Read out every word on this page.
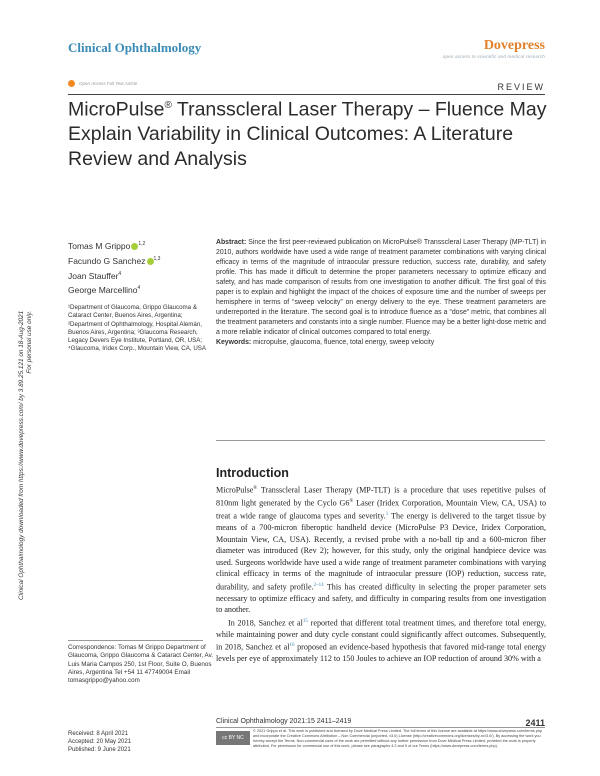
Clinical Ophthalmology	Dovepress
open access to scientific and medical research
Open Access Full Text Article	REVIEW
MicroPulse® Transscleral Laser Therapy – Fluence May Explain Variability in Clinical Outcomes: A Literature Review and Analysis
Clinical Ophthalmology downloaded from https://www.dovepress.com/ by 3.89.25.121 on 18-Aug-2021 For personal use only.
Tomas M Grippo $^{1,2}$
Facundo G Sanchez $^{1,3}$
Joan Stauffer$^4$
George Marcellino$^4$
¹Department of Glaucoma, Grippo Glaucoma & Cataract Center, Buenos Aires, Argentina; ²Department of Ophthalmology, Hospital Alemán, Buenos Aires, Argentina; ³Glaucoma Research, Legacy Devers Eye Institute, Portland, OR, USA; ⁴Glaucoma, Iridex Corp., Mountain View, CA, USA

Abstract: Since the first peer-reviewed publication on MicroPulse® Transscleral Laser Therapy (MP-TLT) in 2010, authors worldwide have used a wide range of treatment parameter combinations with varying clinical efficacy in terms of the magnitude of intraocular pressure reduction, success rate, durability, and safety profile. This has made it difficult to determine the proper parameters necessary to optimize efficacy and safety, and has made comparison of results from one investigation to another difficult. The first goal of this paper is to explain and highlight the impact of the choices of exposure time and the number of sweeps per hemisphere in terms of “sweep velocity” on energy delivery to the eye. These treatment parameters are underreported in the literature. The second goal is to introduce fluence as a “dose” metric, that combines all the treatment parameters and constants into a single number. Fluence may be a better light-dose metric and a more reliable indicator of clinical outcomes compared to total energy.

Keywords: micropulse, glaucoma, fluence, total energy, sweep velocity

Introduction

MicroPulse® Transscleral Laser Therapy (MP-TLT) is a procedure that uses repetitive pulses of 810nm light generated by the Cyclo G6® Laser (Iridex Corporation, Mountain View, CA, USA) to treat a wide range of glaucoma types and severity.$^1$ The energy is delivered to the target tissue by means of a 700-micron fiberoptic handheld device (MicroPulse P3 Device, Iridex Corporation, Mountain View, CA, USA). Recently, a revised probe with a no-ball tip and a 600-micron fiber diameter was introduced (Rev 2); however, for this study, only the original handpiece device was used. Surgeons worldwide have used a wide range of treatment parameter combinations with varying clinical efficacy in terms of the magnitude of intraocular pressure (IOP) reduction, success rate, durability, and safety profile.$^{2-14}$ This has created difficulty in selecting the proper parameter sets necessary to optimize efficacy and safety, and difficulty in comparing results from one investigation to another.

In 2018, Sanchez et $al^{15}$ reported that different total treatment times, and therefore total energy, while maintaining power and duty cycle constant could significantly affect outcomes. Subsequently, in 2018, Sanchez et $al^{16}$ proposed an evidence-based hypothesis that favored mid-range total energy levels per eye of approximately 112 to 150 Joules to achieve an IOP reduction of around 30% with a

Correspondence: Tomas M Grippo Department of Glaucoma, Grippo Glaucoma & Cataract Center, Av. Luis Maria Campos 250, 1st Floor, Suite O, Buenos Aires, Argentina Tel +54 11 47749004 Email tomasgrippo@yahoo.com
Received: 8 April 2021
Accepted: 20 May 2021
Published: 9 June 2021
Clinical Ophthalmology 2021:15 2411–2419	2411
cc BY NC
© 2021 Grippo et al. This work is published and licensed by Dove Medical Press Limited. The full terms of this license are available at https://www.dovepress.com/terms.php and incorporate the Creative Commons Attribution – Non Commercial (unported, v3.0) License (http://creativecommons.org/licenses/by-nc/3.0/). By accessing the work you hereby accept the Terms. Non-commercial uses of the work are permitted without any further permission from Dove Medical Press Limited, provided the work is properly attributed. For permission for commercial use of this work, please see paragraphs 4.2 and 5 of our Terms (https://www.dovepress.com/terms.php).
